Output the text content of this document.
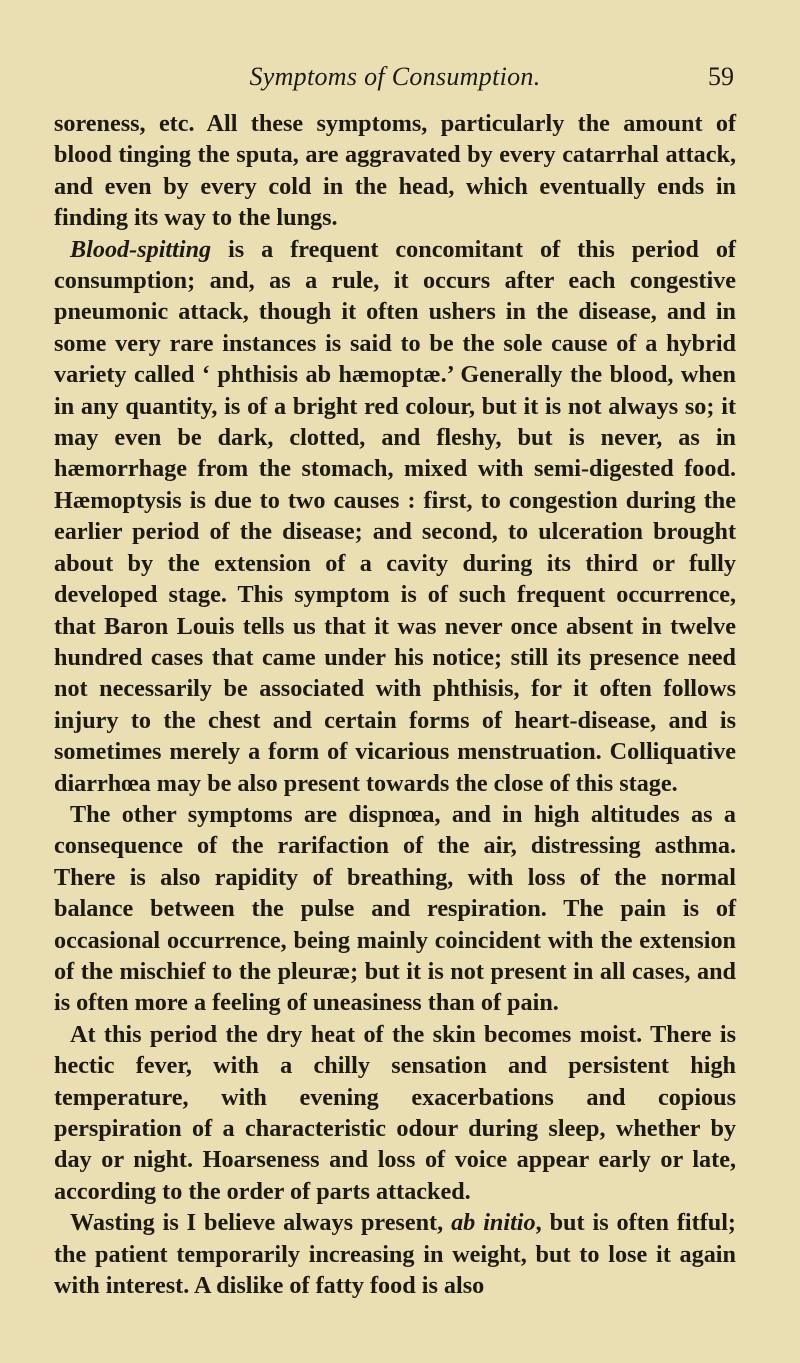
Symptoms of Consumption.	59

soreness, etc. All these symptoms, particularly the amount of blood tinging the sputa, are aggravated by every catarrhal attack, and even by every cold in the head, which eventually ends in finding its way to the lungs.

Blood-spitting is a frequent concomitant of this period of consumption; and, as a rule, it occurs after each congestive pneumonic attack, though it often ushers in the disease, and in some very rare instances is said to be the sole cause of a hybrid variety called ‘ phthisis ab hæmoptæ.’ Generally the blood, when in any quantity, is of a bright red colour, but it is not always so; it may even be dark, clotted, and fleshy, but is never, as in hæmorrhage from the stomach, mixed with semi-digested food. Hæmoptysis is due to two causes : first, to congestion during the earlier period of the disease; and second, to ulceration brought about by the extension of a cavity during its third or fully developed stage. This symptom is of such frequent occurrence, that Baron Louis tells us that it was never once absent in twelve hundred cases that came under his notice; still its presence need not necessarily be associated with phthisis, for it often follows injury to the chest and certain forms of heart-disease, and is sometimes merely a form of vicarious menstruation. Colliquative diarrhœa may be also present towards the close of this stage.

The other symptoms are dispnœa, and in high altitudes as a consequence of the rarifaction of the air, distressing asthma. There is also rapidity of breathing, with loss of the normal balance between the pulse and respiration. The pain is of occasional occurrence, being mainly coincident with the extension of the mischief to the pleuræ; but it is not present in all cases, and is often more a feeling of uneasiness than of pain.

At this period the dry heat of the skin becomes moist. There is hectic fever, with a chilly sensation and persistent high temperature, with evening exacerbations and copious perspiration of a characteristic odour during sleep, whether by day or night. Hoarseness and loss of voice appear early or late, according to the order of parts attacked.

Wasting is I believe always present, ab initio, but is often fitful; the patient temporarily increasing in weight, but to lose it again with interest. A dislike of fatty food is also
